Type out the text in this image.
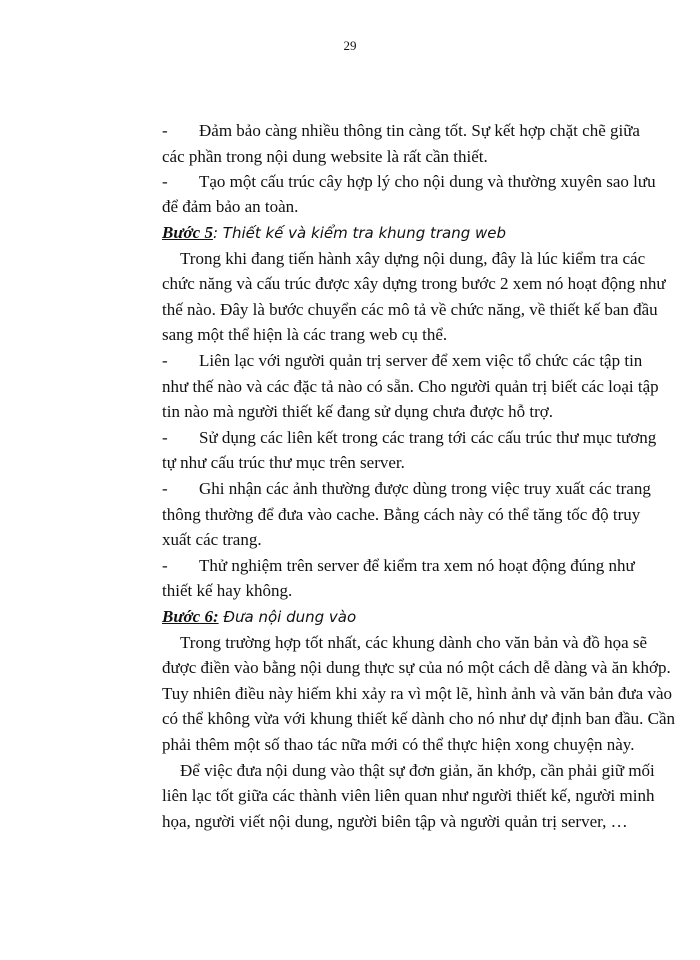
29
- Đảm bảo càng nhiều thông tin càng tốt. Sự kết hợp chặt chẽ giữa
các phần trong nội dung website là rất cần thiết.
- Tạo một cấu trúc cây hợp lý cho nội dung và thường xuyên sao lưu
để đảm bảo an toàn.
Bước 5: Thiết kế và kiểm tra khung trang web
Trong khi đang tiến hành xây dựng nội dung, đây là lúc kiểm tra các
chức năng và cấu trúc được xây dựng trong bước 2 xem nó hoạt động như
thế nào. Đây là bước chuyển các mô tả về chức năng, về thiết kế ban đầu
sang một thể hiện là các trang web cụ thể.
- Liên lạc với người quản trị server để xem việc tổ chức các tập tin
như thế nào và các đặc tả nào có sẵn. Cho người quản trị biết các loại tập
tin nào mà người thiết kế đang sử dụng chưa được hỗ trợ.
- Sử dụng các liên kết trong các trang tới các cấu trúc thư mục tương
tự như cấu trúc thư mục trên server.
- Ghi nhận các ảnh thường được dùng trong việc truy xuất các trang
thông thường để đưa vào cache. Bằng cách này có thể tăng tốc độ truy
xuất các trang.
- Thử nghiệm trên server để kiểm tra xem nó hoạt động đúng như
thiết kế hay không.
Bước 6: Đưa nội dung vào
Trong trường hợp tốt nhất, các khung dành cho văn bản và đồ họa sẽ
được điền vào bằng nội dung thực sự của nó một cách dễ dàng và ăn khớp.
Tuy nhiên điều này hiếm khi xảy ra vì một lẽ, hình ảnh và văn bản đưa vào
có thể không vừa với khung thiết kế dành cho nó như dự định ban đầu. Cần
phải thêm một số thao tác nữa mới có thể thực hiện xong chuyện này.
Để việc đưa nội dung vào thật sự đơn giản, ăn khớp, cần phải giữ mối
liên lạc tốt giữa các thành viên liên quan như người thiết kế, người minh
họa, người viết nội dung, người biên tập và người quản trị server, …
